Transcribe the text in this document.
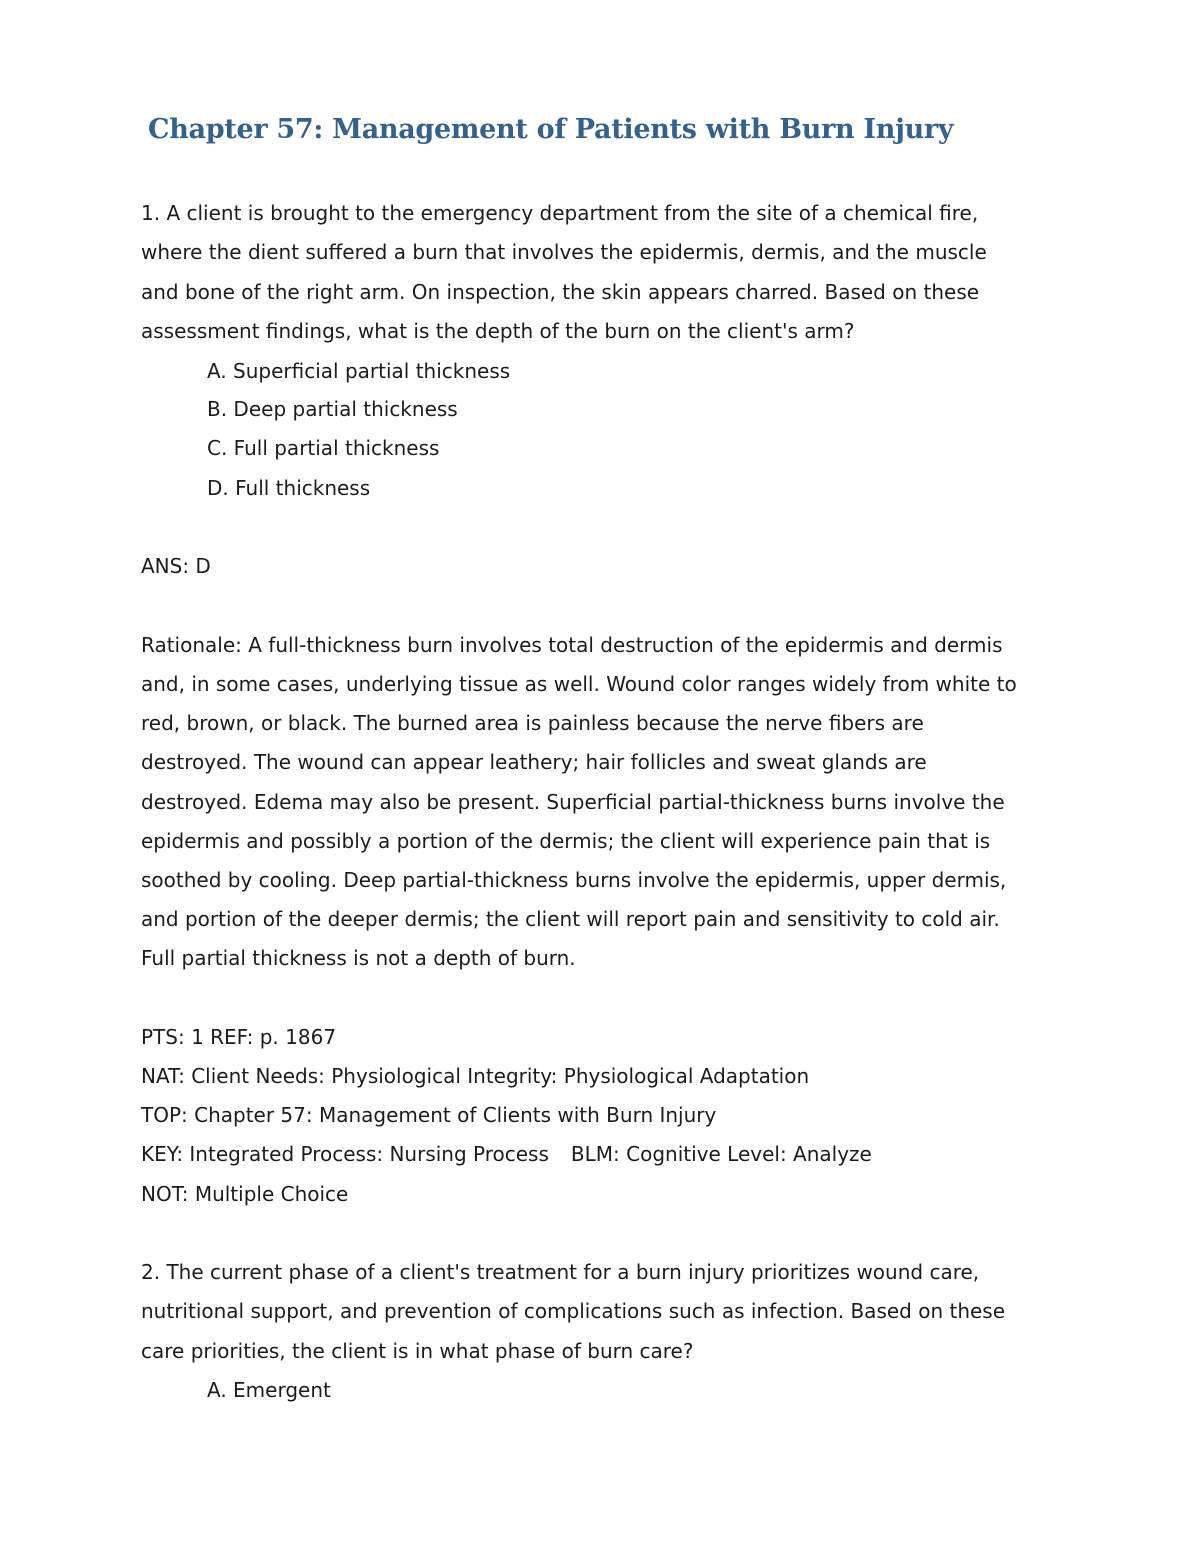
Chapter 57: Management of Patients with Burn Injury
1. A client is brought to the emergency department from the site of a chemical fire,
where the dient suffered a burn that involves the epidermis, dermis, and the muscle
and bone of the right arm. On inspection, the skin appears charred. Based on these
assessment findings, what is the depth of the burn on the client's arm?
A. Superficial partial thickness
B. Deep partial thickness
C. Full partial thickness
D. Full thickness
ANS: D
Rationale: A full-thickness burn involves total destruction of the epidermis and dermis
and, in some cases, underlying tissue as well. Wound color ranges widely from white to
red, brown, or black. The burned area is painless because the nerve fibers are
destroyed. The wound can appear leathery; hair follicles and sweat glands are
destroyed. Edema may also be present. Superficial partial-thickness burns involve the
epidermis and possibly a portion of the dermis; the client will experience pain that is
soothed by cooling. Deep partial-thickness burns involve the epidermis, upper dermis,
and portion of the deeper dermis; the client will report pain and sensitivity to cold air.
Full partial thickness is not a depth of burn.
PTS: 1 REF: p. 1867
NAT: Client Needs: Physiological Integrity: Physiological Adaptation
TOP: Chapter 57: Management of Clients with Burn Injury
KEY: Integrated Process: Nursing Process BLM: Cognitive Level: Analyze
NOT: Multiple Choice
2. The current phase of a client's treatment for a burn injury prioritizes wound care,
nutritional support, and prevention of complications such as infection. Based on these
care priorities, the client is in what phase of burn care?
A. Emergent
